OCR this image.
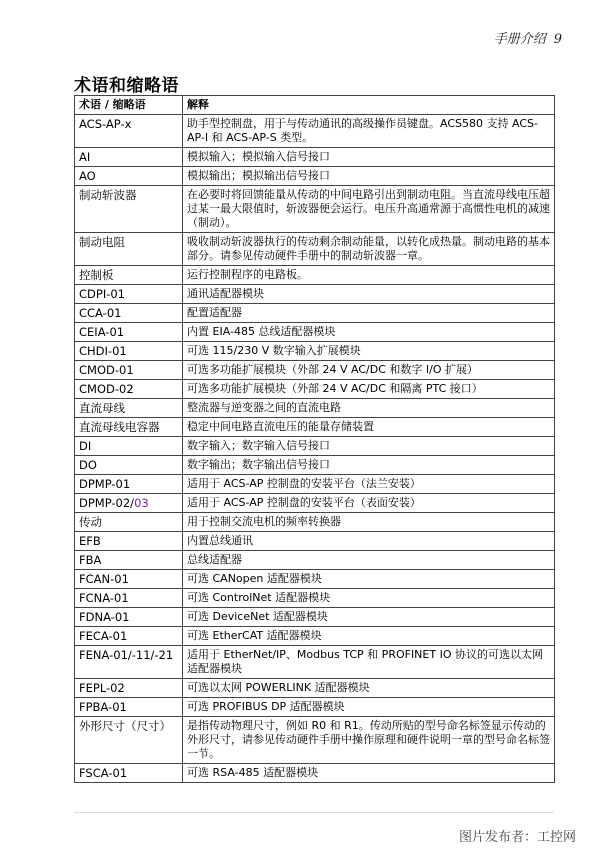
手册介绍 9
术语和缩略语
术语 / 缩略语	解释
ACS-AP-x	助手型控制盘，用于与传动通讯的高级操作员键盘。ACS580 支持 ACS-AP-I 和 ACS-AP-S 类型。
AI	模拟输入；模拟输入信号接口
AO	模拟输出；模拟输出信号接口
制动斩波器	在必要时将回馈能量从传动的中间电路引出到制动电阻。当直流母线电压超过某一最大限值时，斩波器便会运行。电压升高通常源于高惯性电机的减速（制动）。
制动电阻	吸收制动斩波器执行的传动剩余制动能量，以转化成热量。制动电路的基本部分。请参见传动硬件手册中的制动斩波器一章。
控制板	运行控制程序的电路板。
CDPI-01	通讯适配器模块
CCA-01	配置适配器
CEIA-01	内置 EIA-485 总线适配器模块
CHDI-01	可选 115/230 V 数字输入扩展模块
CMOD-01	可选多功能扩展模块（外部 24 V AC/DC 和数字 I/O 扩展）
CMOD-02	可选多功能扩展模块（外部 24 V AC/DC 和隔离 PTC 接口）
直流母线	整流器与逆变器之间的直流电路
直流母线电容器	稳定中间电路直流电压的能量存储装置
DI	数字输入；数字输入信号接口
DO	数字输出；数字输出信号接口
DPMP-01	适用于 ACS-AP 控制盘的安装平台（法兰安装）
DPMP-02/03	适用于 ACS-AP 控制盘的安装平台（表面安装）
传动	用于控制交流电机的频率转换器
EFB	内置总线通讯
FBA	总线适配器
FCAN-01	可选 CANopen 适配器模块
FCNA-01	可选 ControlNet 适配器模块
FDNA-01	可选 DeviceNet 适配器模块
FECA-01	可选 EtherCAT 适配器模块
FENA-01/-11/-21	适用于 EtherNet/IP、Modbus TCP 和 PROFINET IO 协议的可选以太网适配器模块
FEPL-02	可选以太网 POWERLINK 适配器模块
FPBA-01	可选 PROFIBUS DP 适配器模块
外形尺寸（尺寸）	是指传动物理尺寸，例如 R0 和 R1。传动所贴的型号命名标签显示传动的外形尺寸，请参见传动硬件手册中操作原理和硬件说明一章的型号命名标签一节。
FSCA-01	可选 RSA-485 适配器模块
图片发布者：工控网
